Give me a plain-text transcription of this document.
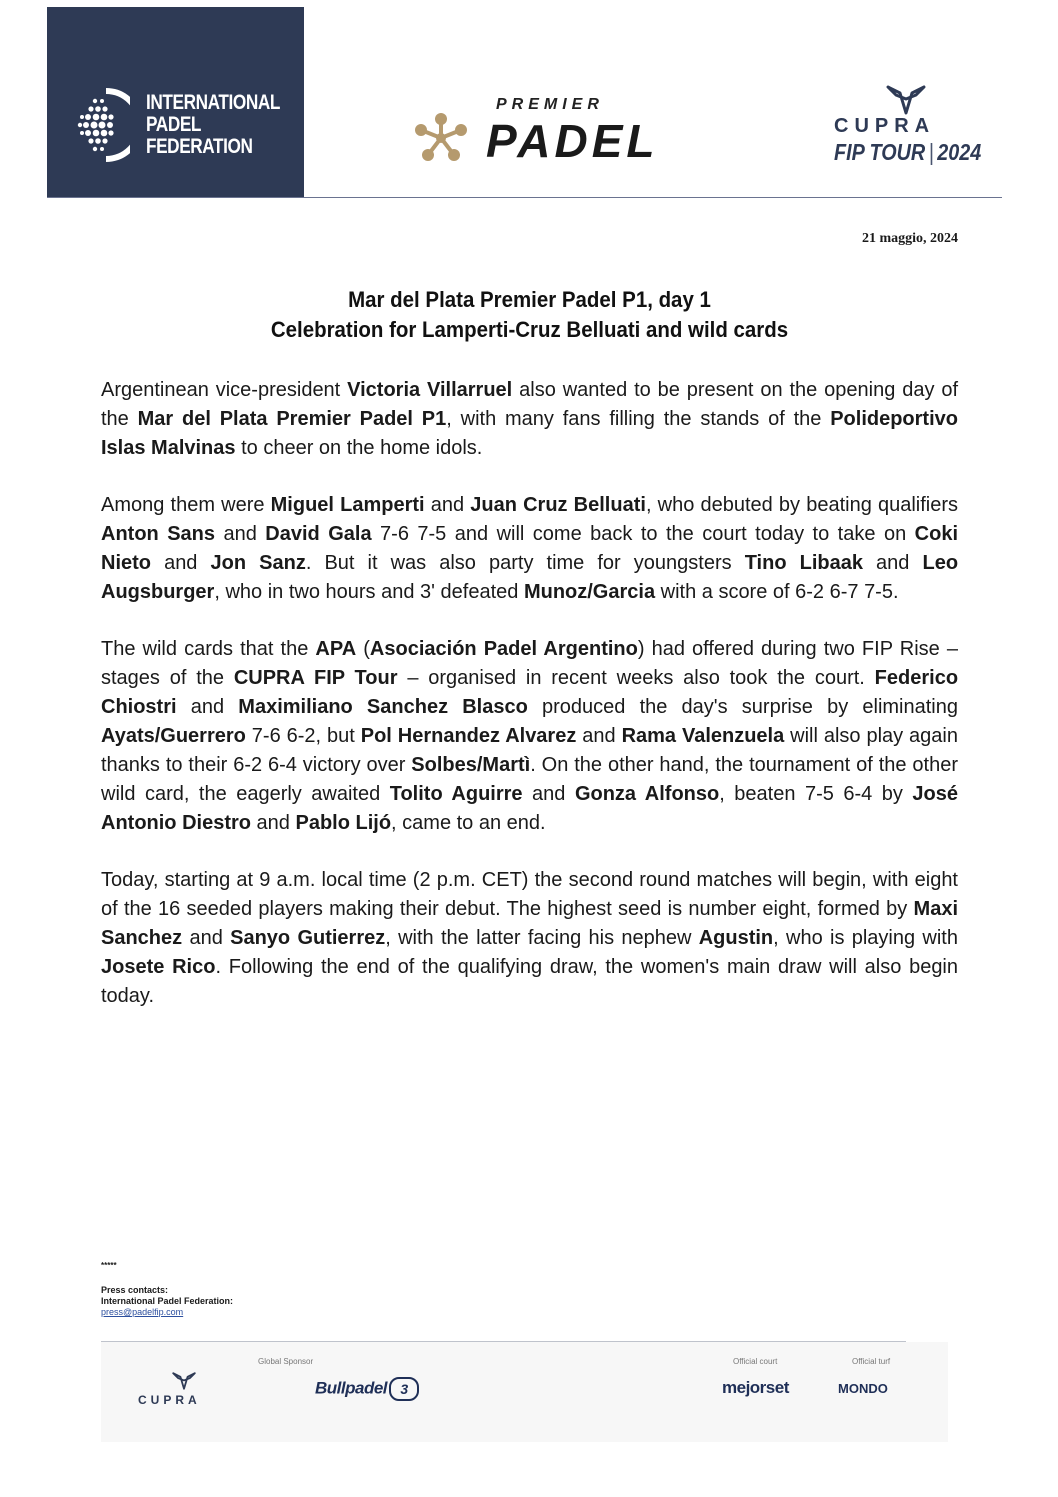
INTERNATIONAL
PADEL
FEDERATION
PREMIER
PADEL	CUPRA
FIP TOUR | 2024
21 maggio, 2024
Mar del Plata Premier Padel P1, day 1
Celebration for Lamperti-Cruz Belluati and wild cards

Argentinean vice-president Victoria Villarruel also wanted to be present on the opening day of the Mar del Plata Premier Padel P1, with many fans filling the stands of the Polideportivo Islas Malvinas to cheer on the home idols.

Among them were Miguel Lamperti and Juan Cruz Belluati, who debuted by beating qualifiers Anton Sans and David Gala 7-6 7-5 and will come back to the court today to take on Coki Nieto and Jon Sanz. But it was also party time for youngsters Tino Libaak and Leo Augsburger, who in two hours and 3' defeated Munoz/Garcia with a score of 6-2 6-7 7-5.

The wild cards that the APA (Asociación Padel Argentino) had offered during two FIP Rise – stages of the CUPRA FIP Tour – organised in recent weeks also took the court. Federico Chiostri and Maximiliano Sanchez Blasco produced the day's surprise by eliminating Ayats/Guerrero 7-6 6-2, but Pol Hernandez Alvarez and Rama Valenzuela will also play again thanks to their 6-2 6-4 victory over Solbes/Martì. On the other hand, the tournament of the other wild card, the eagerly awaited Tolito Aguirre and Gonza Alfonso, beaten 7-5 6-4 by José Antonio Diestro and Pablo Lijó, came to an end.

Today, starting at 9 a.m. local time (2 p.m. CET) the second round matches will begin, with eight of the 16 seeded players making their debut. The highest seed is number eight, formed by Maxi Sanchez and Sanyo Gutierrez, with the latter facing his nephew Agustin, who is playing with Josete Rico. Following the end of the qualifying draw, the women's main draw will also begin today.

*****
Press contacts:
International Padel Federation:
press@padelfip.com
CUPRA
Global Sponsor
Bullpadel 3
Official court
mejorset
Official turf
MONDO
